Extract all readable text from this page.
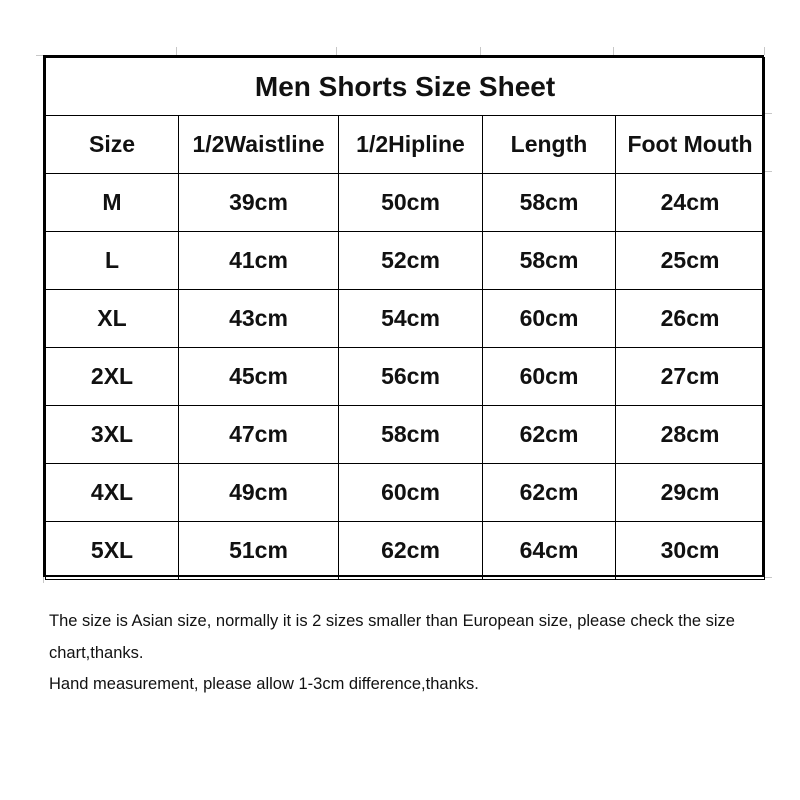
Men Shorts Size Sheet				
Size	1/2Waistline	1/2Hipline	Length	Foot Mouth
M	39cm	50cm	58cm	24cm
L	41cm	52cm	58cm	25cm
XL	43cm	54cm	60cm	26cm
2XL	45cm	56cm	60cm	27cm
3XL	47cm	58cm	62cm	28cm
4XL	49cm	60cm	62cm	29cm
5XL	51cm	62cm	64cm	30cm

The size is Asian size, normally it is 2 sizes smaller than European size, please check the size chart,thanks.

Hand measurement, please allow 1-3cm difference,thanks.
